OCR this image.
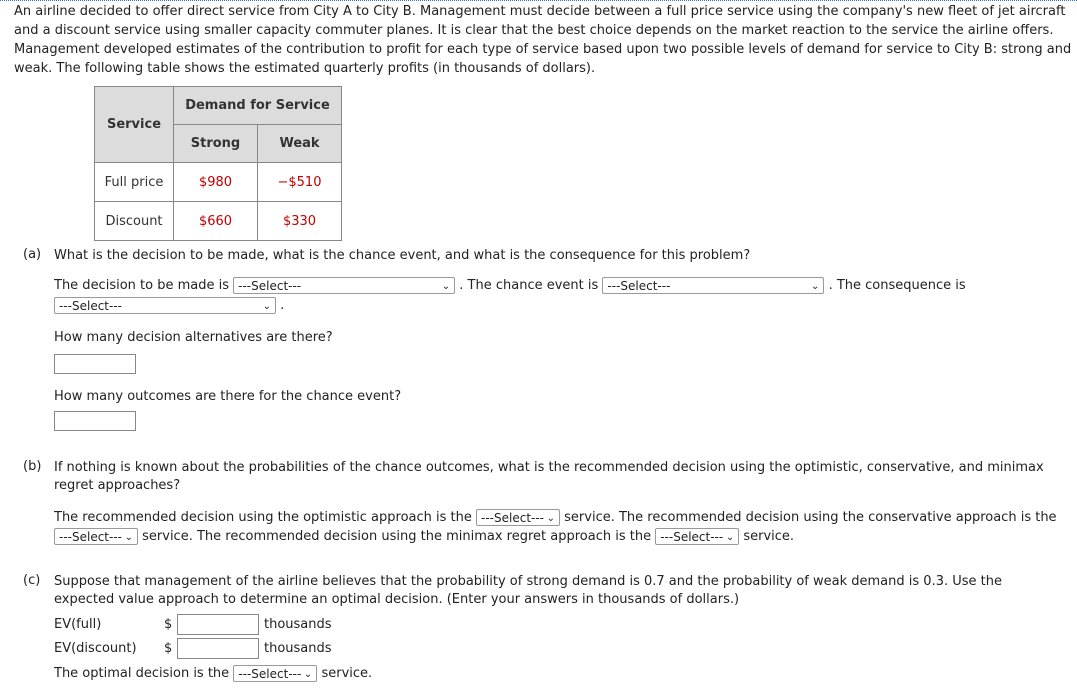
An airline decided to offer direct service from City A to City B. Management must decide between a full price service using the company's new fleet of jet aircraft and a discount service using smaller capacity commuter planes. It is clear that the best choice depends on the market reaction to the service the airline offers. Management developed estimates of the contribution to profit for each type of service based upon two possible levels of demand for service to City B: strong and weak. The following table shows the estimated quarterly profits (in thousands of dollars).
Service	Demand for Service	
	Strong	Weak
Full price	$980	−$510
Discount	$660	$330
(a) What is the decision to be made, what is the chance event, and what is the consequence for this problem?
The decision to be made is ---Select---	⌄ . The chance event is ---Select---	⌄ . The consequence is
---Select---	⌄ .
How many decision alternatives are there?
How many outcomes are there for the chance event?
(b) If nothing is known about the probabilities of the chance outcomes, what is the recommended decision using the optimistic, conservative, and minimax regret approaches?
The recommended decision using the optimistic approach is the ---Select--- ⌄ service. The recommended decision using the conservative approach is the ---Select--- ⌄ service. The recommended decision using the minimax regret approach is the ---Select--- ⌄ service.
(c) Suppose that management of the airline believes that the probability of strong demand is 0.7 and the probability of weak demand is 0.3. Use the expected value approach to determine an optimal decision. (Enter your answers in thousands of dollars.)
EV(full)	$	thousands
EV(discount) $	thousands
The optimal decision is the ---Select--- ⌄ service.
